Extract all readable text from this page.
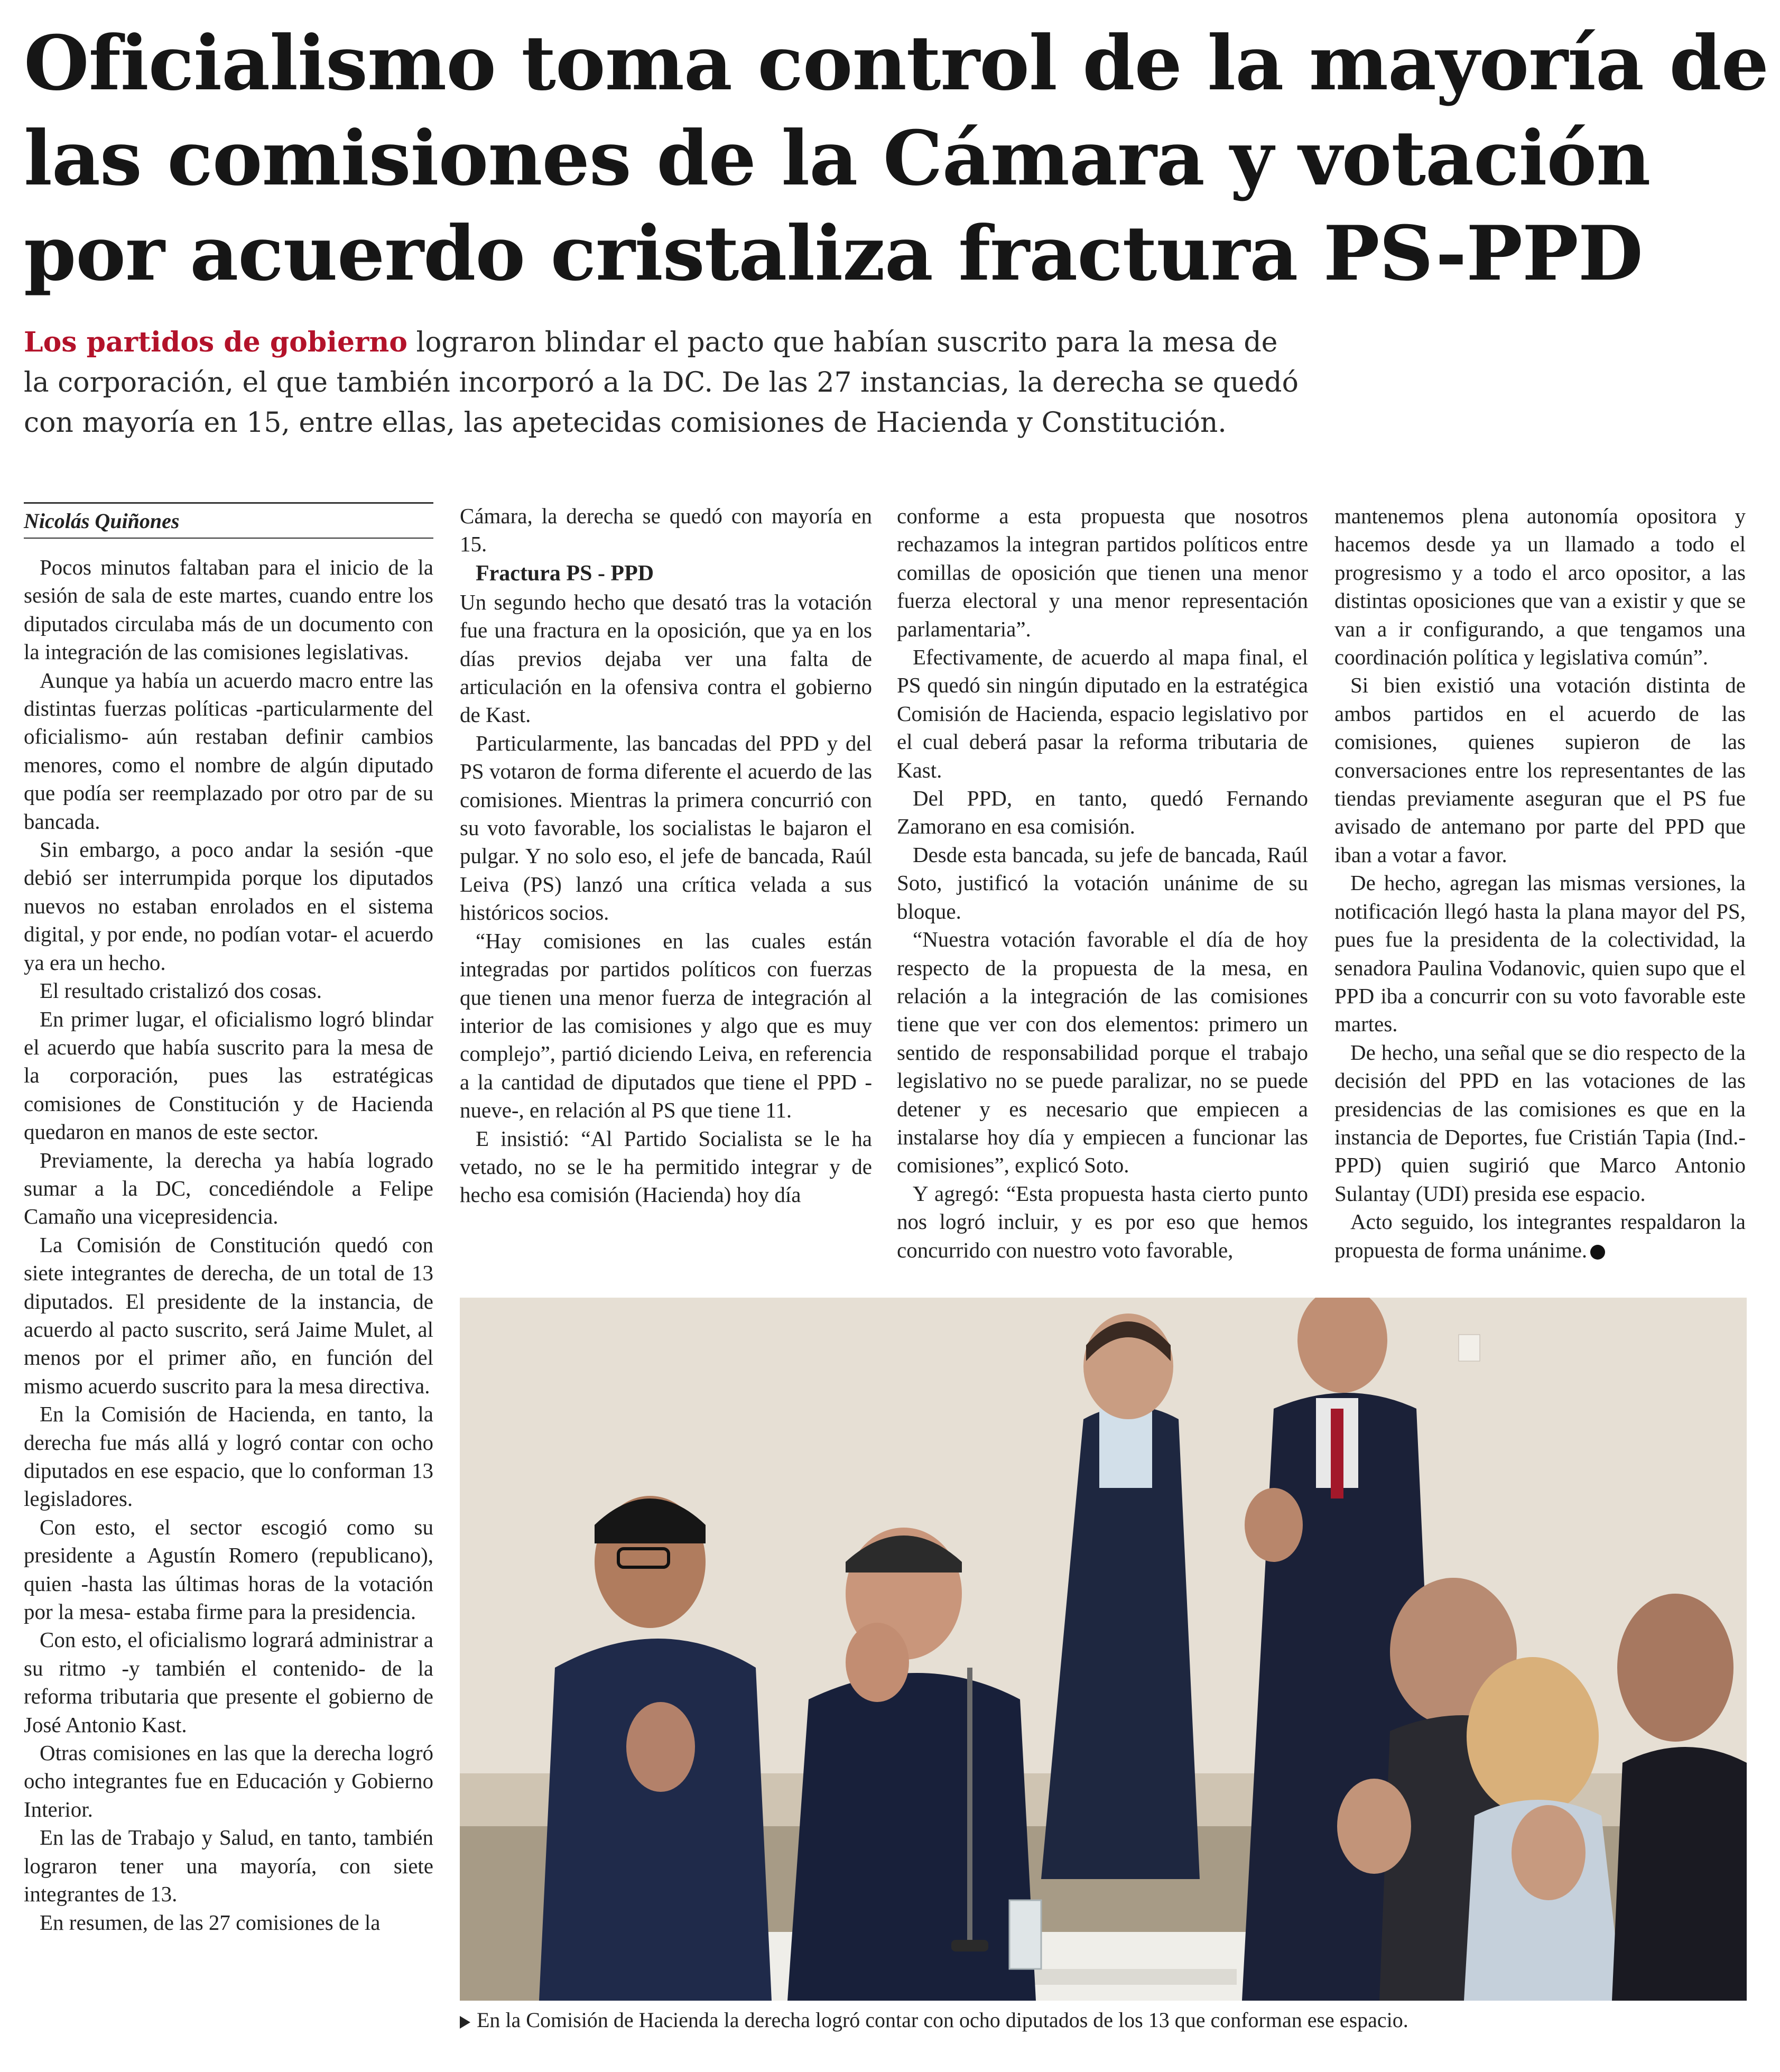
Oficialismo toma control de la mayoría de
las comisiones de la Cámara y votación
por acuerdo cristaliza fractura PS-PPD
Los partidos de gobierno lograron blindar el pacto que habían suscrito para la mesa de
la corporación, el que también incorporó a la DC. De las 27 instancias, la derecha se quedó
con mayoría en 15, entre ellas, las apetecidas comisiones de Hacienda y Constitución.
Nicolás Quiñones

Pocos minutos faltaban para el inicio de la sesión de sala de este martes, cuando entre los diputados circulaba más de un documento con la integración de las comisiones legislativas.

Aunque ya había un acuerdo macro entre las distintas fuerzas políticas -particularmente del oficialismo- aún restaban definir cambios menores, como el nombre de algún diputado que podía ser reemplazado por otro par de su bancada.

Sin embargo, a poco andar la sesión -que debió ser interrumpida porque los diputados nuevos no estaban enrolados en el sistema digital, y por ende, no podían votar- el acuerdo ya era un hecho.

El resultado cristalizó dos cosas.

En primer lugar, el oficialismo logró blindar el acuerdo que había suscrito para la mesa de la corporación, pues las estratégicas comisiones de Constitución y de Hacienda quedaron en manos de este sector.

Previamente, la derecha ya había logrado sumar a la DC, concediéndole a Felipe Camaño una vicepresidencia.

La Comisión de Constitución quedó con siete integrantes de derecha, de un total de 13 diputados. El presidente de la instancia, de acuerdo al pacto suscrito, será Jaime Mulet, al menos por el primer año, en función del mismo acuerdo suscrito para la mesa directiva.

En la Comisión de Hacienda, en tanto, la derecha fue más allá y logró contar con ocho diputados en ese espacio, que lo conforman 13 legisladores.

Con esto, el sector escogió como su presidente a Agustín Romero (republicano), quien -hasta las últimas horas de la votación por la mesa- estaba firme para la presidencia.

Con esto, el oficialismo logrará administrar a su ritmo -y también el contenido- de la reforma tributaria que presente el gobierno de José Antonio Kast.

Otras comisiones en las que la derecha logró ocho integrantes fue en Educación y Gobierno Interior.

En las de Trabajo y Salud, en tanto, también lograron tener una mayoría, con siete integrantes de 13.

En resumen, de las 27 comisiones de la

Cámara, la derecha se quedó con mayoría en 15.

Fractura PS - PPD

Un segundo hecho que desató tras la votación fue una fractura en la oposición, que ya en los días previos dejaba ver una falta de articulación en la ofensiva contra el gobierno de Kast.

Particularmente, las bancadas del PPD y del PS votaron de forma diferente el acuerdo de las comisiones. Mientras la primera concurrió con su voto favorable, los socialistas le bajaron el pulgar. Y no solo eso, el jefe de bancada, Raúl Leiva (PS) lanzó una crítica velada a sus históricos socios.

“Hay comisiones en las cuales están integradas por partidos políticos con fuerzas que tienen una menor fuerza de integración al interior de las comisiones y algo que es muy complejo”, partió diciendo Leiva, en referencia a la cantidad de diputados que tiene el PPD -nueve-, en relación al PS que tiene 11.

E insistió: “Al Partido Socialista se le ha vetado, no se le ha permitido integrar y de hecho esa comisión (Hacienda) hoy día

conforme a esta propuesta que nosotros rechazamos la integran partidos políticos entre comillas de oposición que tienen una menor fuerza electoral y una menor representación parlamentaria”.

Efectivamente, de acuerdo al mapa final, el PS quedó sin ningún diputado en la estratégica Comisión de Hacienda, espacio legislativo por el cual deberá pasar la reforma tributaria de Kast.

Del PPD, en tanto, quedó Fernando Zamorano en esa comisión.

Desde esta bancada, su jefe de bancada, Raúl Soto, justificó la votación unánime de su bloque.

“Nuestra votación favorable el día de hoy respecto de la propuesta de la mesa, en relación a la integración de las comisiones tiene que ver con dos elementos: primero un sentido de responsabilidad porque el trabajo legislativo no se puede paralizar, no se puede detener y es necesario que empiecen a instalarse hoy día y empiecen a funcionar las comisiones”, explicó Soto.

Y agregó: “Esta propuesta hasta cierto punto nos logró incluir, y es por eso que hemos concurrido con nuestro voto favorable,

mantenemos plena autonomía opositora y hacemos desde ya un llamado a todo el progresismo y a todo el arco opositor, a las distintas oposiciones que van a existir y que se van a ir configurando, a que tengamos una coordinación política y legislativa común”.

Si bien existió una votación distinta de ambos partidos en el acuerdo de las comisiones, quienes supieron de las conversaciones entre los representantes de las tiendas previamente aseguran que el PS fue avisado de antemano por parte del PPD que iban a votar a favor.

De hecho, agregan las mismas versiones, la notificación llegó hasta la plana mayor del PS, pues fue la presidenta de la colectividad, la senadora Paulina Vodanovic, quien supo que el PPD iba a concurrir con su voto favorable este martes.

De hecho, una señal que se dio respecto de la decisión del PPD en las votaciones de las presidencias de las comisiones es que en la instancia de Deportes, fue Cristián Tapia (Ind.-PPD) quien sugirió que Marco Antonio Sulantay (UDI) presida ese espacio.

Acto seguido, los integrantes respaldaron la propuesta de forma unánime.

En la Comisión de Hacienda la derecha logró contar con ocho diputados de los 13 que conforman ese espacio.
